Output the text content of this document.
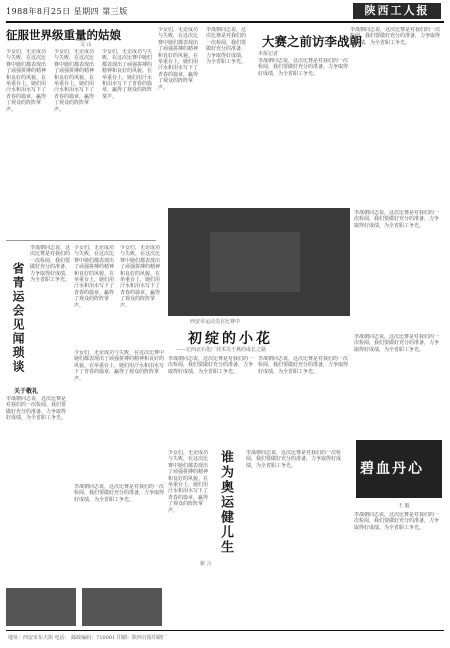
1988年8月25日 星期四 第三版	陕西工人报
征服世界级重量的姑娘
文 山
少女们，无论成功与失败，在这次比赛中她们都表现出了顽强拼搏的精神和良好的风貌。在举重台上，她们用汗水和泪水写下了青春的篇章，赢得了观众的阵阵掌声。
少女们，无论成功与失败，在这次比赛中她们都表现出了顽强拼搏的精神和良好的风貌。在举重台上，她们用汗水和泪水写下了青春的篇章，赢得了观众的阵阵掌声。
少女们，无论成功与失败，在这次比赛中她们都表现出了顽强拼搏的精神和良好的风貌。在举重台上，她们用汗水和泪水写下了青春的篇章，赢得了观众的阵阵掌声。
少女们，无论成功与失败，在这次比赛中她们都表现出了顽强拼搏的精神和良好的风貌。在举重台上，她们用汗水和泪水写下了青春的篇章，赢得了观众的阵阵掌声。
李战朝同志说，这次比赛是对我们的一次检阅，我们要做好充分的准备，力争取得好成绩，为全省职工争光。
大赛之前访李战朝
本报记者
李战朝同志说，这次比赛是对我们的一次检阅，我们要做好充分的准备，力争取得好成绩，为全省职工争光。
李战朝同志说，这次比赛是对我们的一次检阅，我们要做好充分的准备，力争取得好成绩，为全省职工争光。
省青运会见闻琐谈
李战朝同志说，这次比赛是对我们的一次检阅，我们要做好充分的准备，力争取得好成绩，为全省职工争光。
关于敬礼
李战朝同志说，这次比赛是对我们的一次检阅，我们要做好充分的准备，力争取得好成绩，为全省职工争光。
少女们，无论成功与失败，在这次比赛中她们都表现出了顽强拼搏的精神和良好的风貌。在举重台上，她们用汗水和泪水写下了青春的篇章，赢得了观众的阵阵掌声。
少女们，无论成功与失败，在这次比赛中她们都表现出了顽强拼搏的精神和良好的风貌。在举重台上，她们用汗水和泪水写下了青春的篇章，赢得了观众的阵阵掌声。
西安市运动员在比赛中
李战朝同志说，这次比赛是对我们的一次检阅，我们要做好充分的准备，力争取得好成绩，为全省职工争光。
初绽的小花
——记西北石化厂技术员王燕的成长之路
李战朝同志说，这次比赛是对我们的一次检阅，我们要做好充分的准备，力争取得好成绩，为全省职工争光。
李战朝同志说，这次比赛是对我们的一次检阅，我们要做好充分的准备，力争取得好成绩，为全省职工争光。
少女们，无论成功与失败，在这次比赛中她们都表现出了顽强拼搏的精神和良好的风貌。在举重台上，她们用汗水和泪水写下了青春的篇章，赢得了观众的阵阵掌声。
李战朝同志说，这次比赛是对我们的一次检阅，我们要做好充分的准备，力争取得好成绩，为全省职工争光。
碧血丹心
王 毅
李战朝同志说，这次比赛是对我们的一次检阅，我们要做好充分的准备，力争取得好成绩，为全省职工争光。
谁为奥运健儿生
新 言
少女们，无论成功与失败，在这次比赛中她们都表现出了顽强拼搏的精神和良好的风貌。在举重台上，她们用汗水和泪水写下了青春的篇章，赢得了观众的阵阵掌声。
李战朝同志说，这次比赛是对我们的一次检阅，我们要做好充分的准备，力争取得好成绩，为全省职工争光。
李战朝同志说，这次比赛是对我们的一次检阅，我们要做好充分的准备，力争取得好成绩，为全省职工争光。
地址：西安市东大街 电话： 邮政编码：710001 印刷：陕西日报印刷厂
